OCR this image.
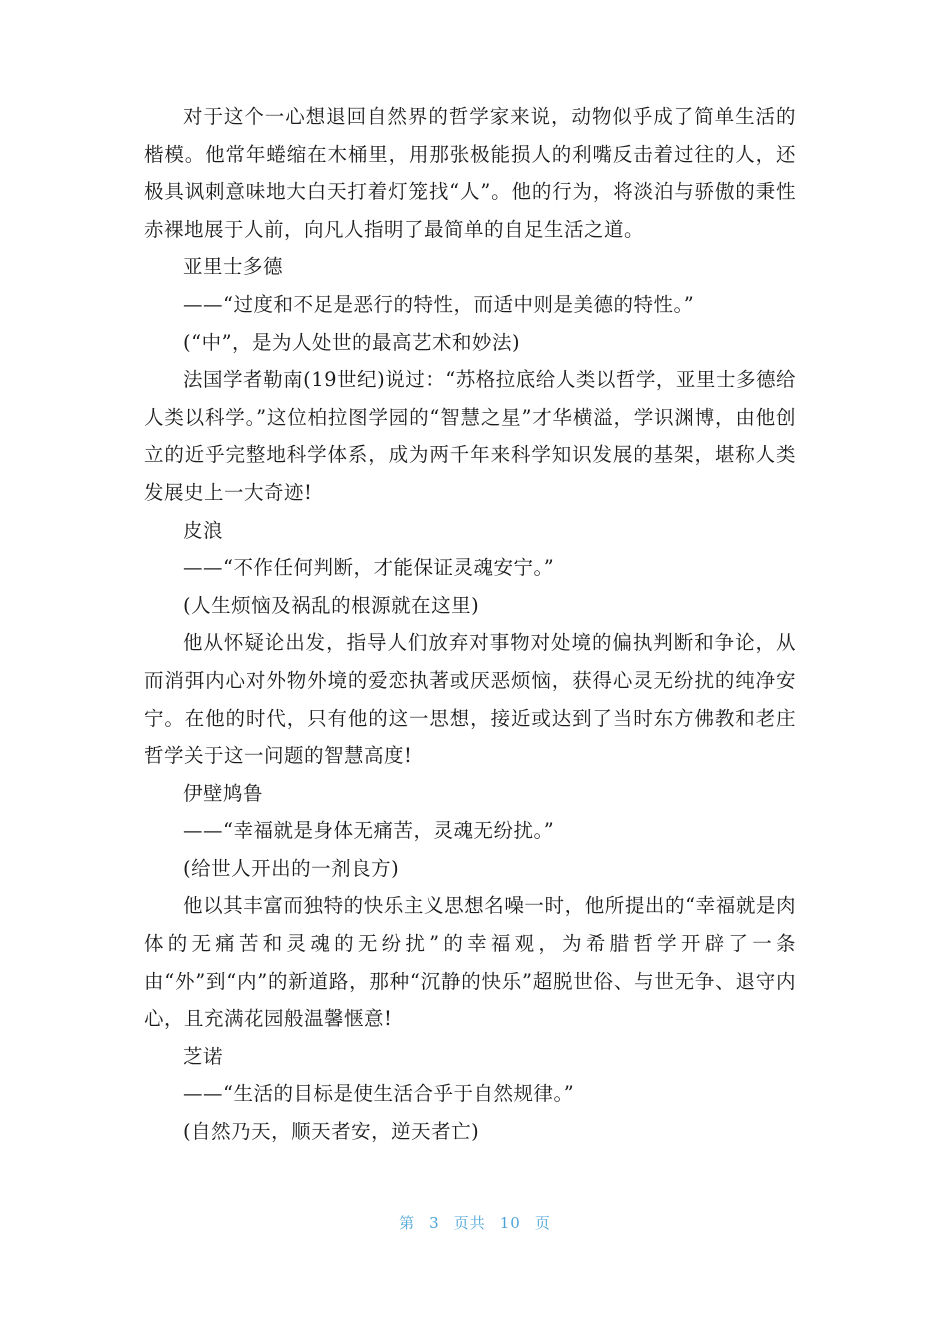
对于这个一心想退回自然界的哲学家来说，动物似乎成了简单生活的楷模。他常年蜷缩在木桶里，用那张极能损人的利嘴反击着过往的人，还极具讽刺意味地大白天打着灯笼找“人”。他的行为，将淡泊与骄傲的秉性赤裸地展于人前，向凡人指明了最简单的自足生活之道。

亚里士多德

——“过度和不足是恶行的特性，而适中则是美德的特性。”

(“中”，是为人处世的最高艺术和妙法)

法国学者勒南(19世纪)说过：“苏格拉底给人类以哲学，亚里士多德给人类以科学。”这位柏拉图学园的“智慧之星”才华横溢，学识渊博，由他创立的近乎完整地科学体系，成为两千年来科学知识发展的基架，堪称人类发展史上一大奇迹!

皮浪

——“不作任何判断，才能保证灵魂安宁。”

(人生烦恼及祸乱的根源就在这里)

他从怀疑论出发，指导人们放弃对事物对处境的偏执判断和争论，从而消弭内心对外物外境的爱恋执著或厌恶烦恼，获得心灵无纷扰的纯净安宁。在他的时代，只有他的这一思想，接近或达到了当时东方佛教和老庄哲学关于这一问题的智慧高度!

伊壁鸠鲁

——“幸福就是身体无痛苦，灵魂无纷扰。”

(给世人开出的一剂良方)

他以其丰富而独特的快乐主义思想名噪一时，他所提出的“幸福就是肉体的无痛苦和灵魂的无纷扰”的幸福观，为希腊哲学开辟了一条由“外”到“内”的新道路，那种“沉静的快乐”超脱世俗、与世无争、退守内心，且充满花园般温馨惬意!

芝诺

——“生活的目标是使生活合乎于自然规律。”

(自然乃天，顺天者安，逆天者亡)

第 3 页共 10 页
